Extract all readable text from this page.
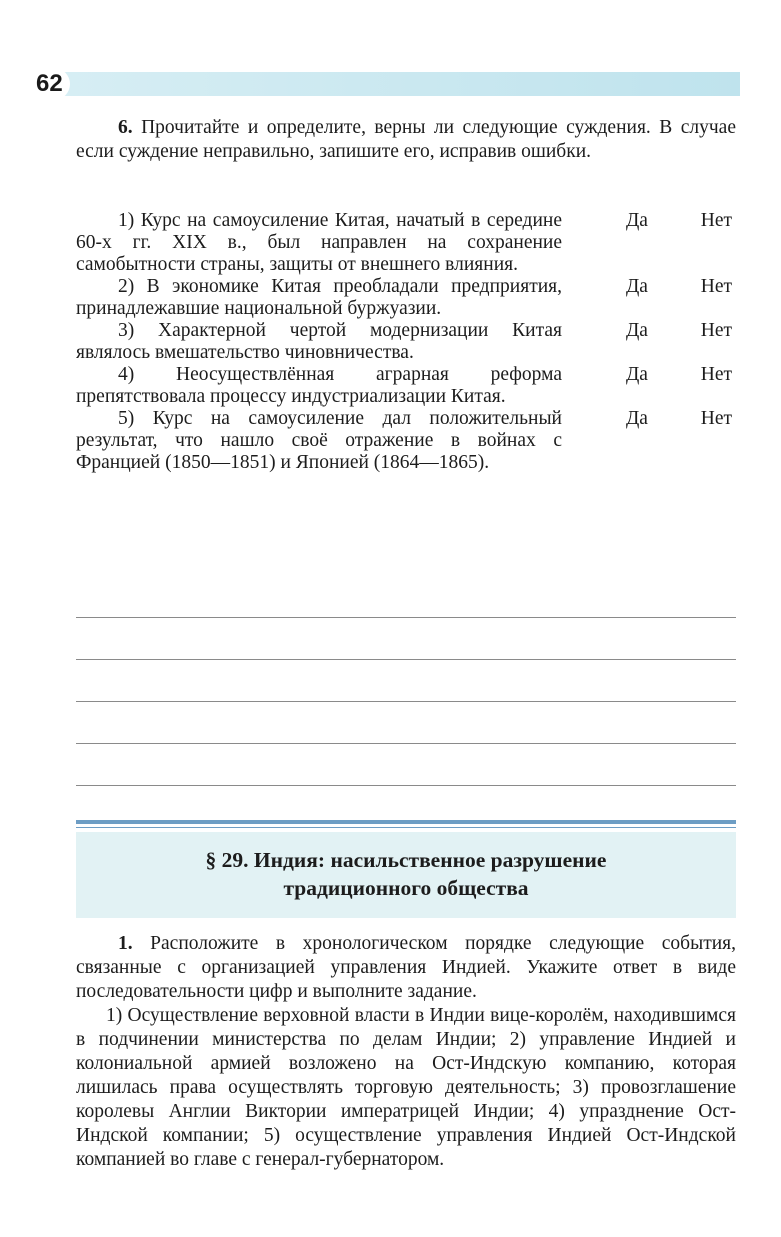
62

6. Прочитайте и определите, верны ли следующие суждения. В случае если суждение неправильно, запишите его, исправив ошибки.

1) Курс на самоусиление Китая, начатый в середине 60-х гг. XIX в., был направлен на сохранение самобытности страны, защиты от внешнего влияния.

Да	Нет

2) В экономике Китая преобладали предприятия, принадлежавшие национальной буржуазии.

Да	Нет

3) Характерной чертой модернизации Китая являлось вмешательство чиновничества.

Да	Нет

4) Неосуществлённая аграрная реформа препятствовала процессу индустриализации Китая.

Да	Нет

5) Курс на самоусиление дал положительный результат, что нашло своё отражение в войнах с Францией (1850—1851) и Японией (1864—1865).

Да	Нет
§ 29. Индия: насильственное разрушение
традиционного общества

1. Расположите в хронологическом порядке следующие события, связанные с организацией управления Индией. Укажите ответ в виде последовательности цифр и выполните задание.

1) Осуществление верховной власти в Индии вице-королём, находившимся в подчинении министерства по делам Индии; 2) управление Индией и колониальной армией возложено на Ост-Индскую компанию, которая лишилась права осуществлять торговую деятельность; 3) провозглашение королевы Англии Виктории императрицей Индии; 4) упразднение Ост-Индской компании; 5) осуществление управления Индией Ост-Индской компанией во главе с генерал-губернатором.
